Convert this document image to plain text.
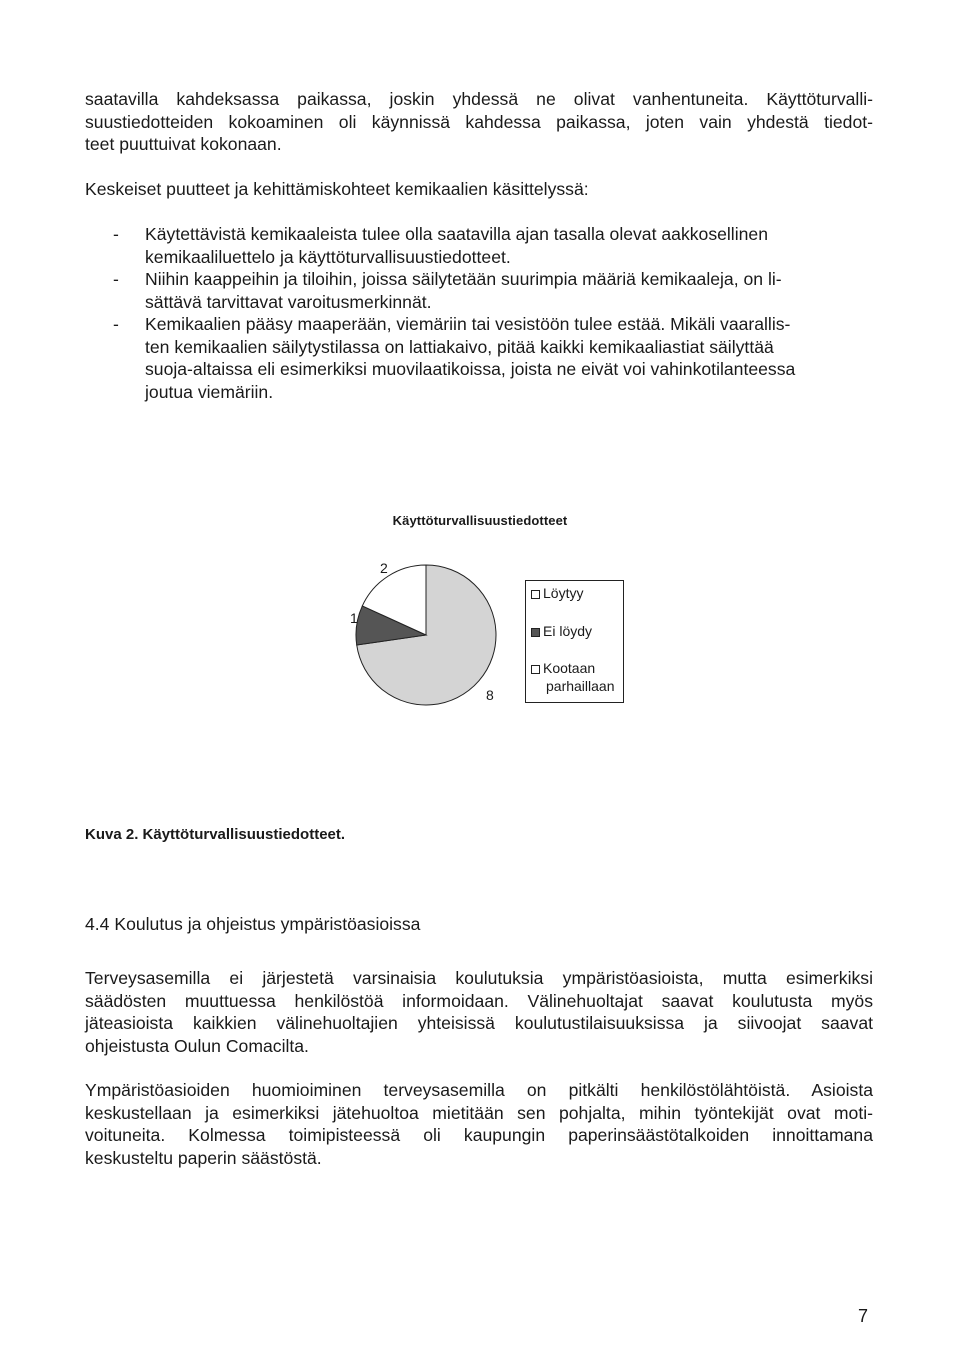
saatavilla kahdeksassa paikassa, joskin yhdessä ne olivat vanhentuneita. Käyttöturvalli-
suustiedotteiden kokoaminen oli käynnissä kahdessa paikassa, joten vain yhdestä tiedot-
teet puuttuivat kokonaan.
Keskeiset puutteet ja kehittämiskohteet kemikaalien käsittelyssä:
- Käytettävistä kemikaaleista tulee olla saatavilla ajan tasalla olevat aakkosellinen
kemikaaliluettelo ja käyttöturvallisuustiedotteet.
- Niihin kaappeihin ja tiloihin, joissa säilytetään suurimpia määriä kemikaaleja, on li-
sättävä tarvittavat varoitusmerkinnät.
- Kemikaalien pääsy maaperään, viemäriin tai vesistöön tulee estää. Mikäli vaarallis-
ten kemikaalien säilytystilassa on lattiakaivo, pitää kaikki kemikaaliastiat säilyttää
suoja-altaissa eli esimerkiksi muovilaatikoissa, joista ne eivät voi vahinkotilanteessa
joutua viemäriin.
Käyttöturvallisuustiedotteet
8
1
2
Löytyy
Ei löydy
Kootaan
parhaillaan
Kuva 2. Käyttöturvallisuustiedotteet.
4.4 Koulutus ja ohjeistus ympäristöasioissa
Terveysasemilla ei järjestetä varsinaisia koulutuksia ympäristöasioista, mutta esimerkiksi
säädösten muuttuessa henkilöstöä informoidaan. Välinehuoltajat saavat koulutusta myös
jäteasioista kaikkien välinehuoltajien yhteisissä koulutustilaisuuksissa ja siivoojat saavat
ohjeistusta Oulun Comacilta.
Ympäristöasioiden huomioiminen terveysasemilla on pitkälti henkilöstölähtöistä. Asioista
keskustellaan ja esimerkiksi jätehuoltoa mietitään sen pohjalta, mihin työntekijät ovat moti-
voituneita. Kolmessa toimipisteessä oli kaupungin paperinsäästötalkoiden innoittamana
keskusteltu paperin säästöstä.
7
